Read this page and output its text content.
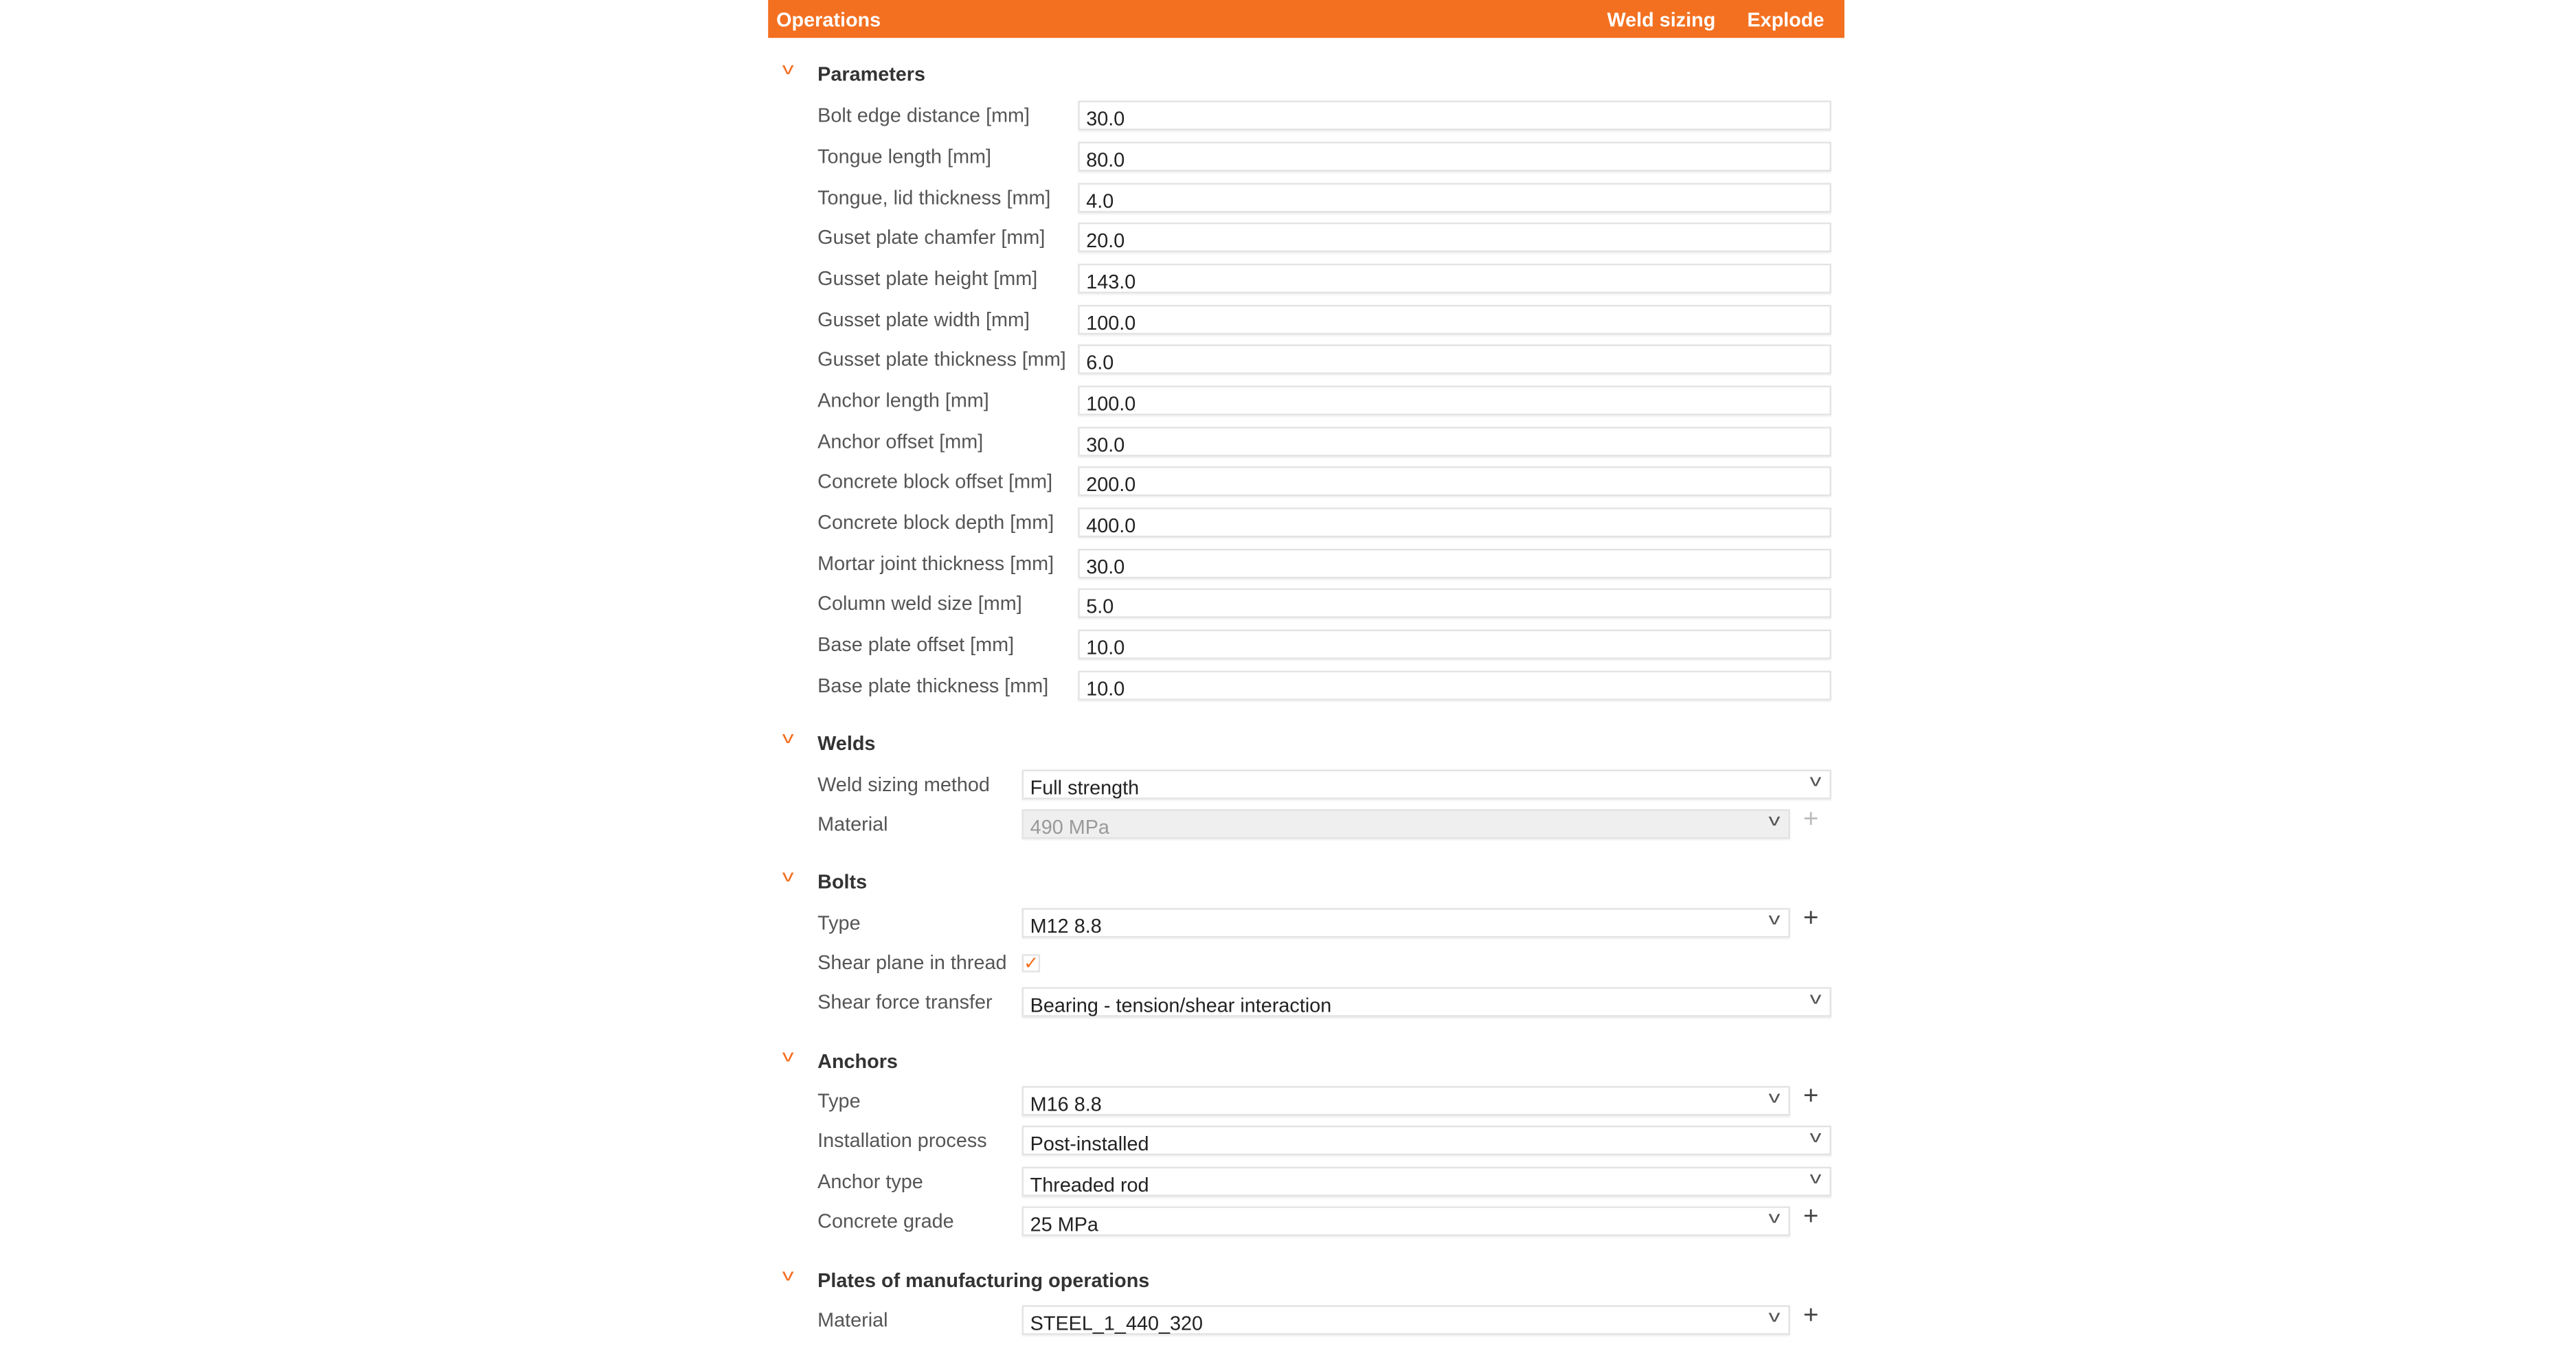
Operations	Weld sizing	Explode
v	Parameters
Bolt edge distance [mm]	30.0
Tongue length [mm]	80.0
Tongue, lid thickness [mm]	4.0
Guset plate chamfer [mm]	20.0
Gusset plate height [mm]	143.0
Gusset plate width [mm]	100.0
Gusset plate thickness [mm]	6.0
Anchor length [mm]	100.0
Anchor offset [mm]	30.0
Concrete block offset [mm]	200.0
Concrete block depth [mm]	400.0
Mortar joint thickness [mm]	30.0
Column weld size [mm]	5.0
Base plate offset [mm]	10.0
Base plate thickness [mm]	10.0
v	Welds
Weld sizing method	Full strength	v
Material	490 MPa	v +
v	Bolts
Type	M12 8.8	v +
Shear plane in thread ✓
Shear force transfer	Bearing - tension/shear interaction	v
v	Anchors
Type	M16 8.8	v +
Installation process	Post-installed	v
Anchor type	Threaded rod	v
Concrete grade	25 MPa	v +
v	Plates of manufacturing operations
Material	STEEL_1_440_320	v +
